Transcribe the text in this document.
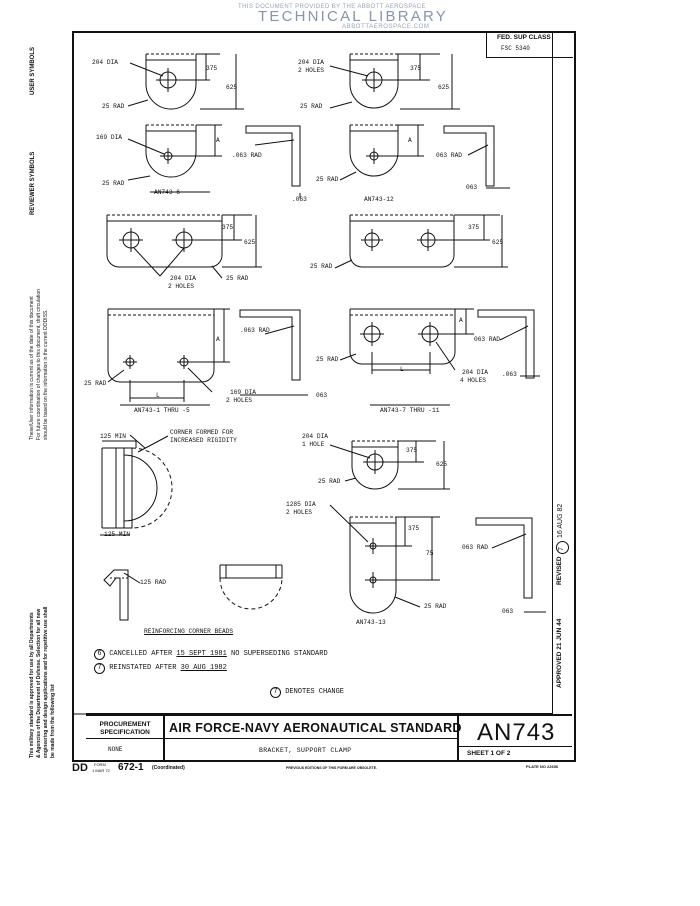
THIS DOCUMENT PROVIDED BY THE ABBOTT AEROSPACE
TECHNICAL LIBRARY
ABBOTTAEROSPACE.COM
FED. SUP CLASS
FSC 5340
USER SYMBOLS
REVIEWER SYMBOLS
These/User information is current as of the date of this document For future coordination of changes to this document, draft circulation should be based on the information in the current DODISS.
This military standard is approved for use by all Departments & Agencies of the Department of Defense. Selection for all new engineering and design applications and for repetitive use shall be made from the following list
APPROVED 21 JUN 44
REVISED
7
16 AUG 82
204 DIA
25 RAD
375
625
204 DIA
2 HOLES
25 RAD
375
625
169 DIA
25 RAD
A
AN743-6
.063 RAD
.063
25 RAD
A
AN743-12
063 RAD
063
375
625
204 DIA
2 HOLES
25 RAD
375
625
25 RAD
A
.063 RAD
25 RAD
L	169 DIA
2 HOLES
AN743-1 THRU -5
063
A
25 RAD
L
063 RAD
204 DIA
4 HOLES
.063
AN743-7 THRU -11
125 MIN
CORNER FORMED FOR
INCREASED RIGIDITY
125 MIN
204 DIA
1 HOLE
375
625
25 RAD
1285 DIA
2 HOLES
375
75
25 RAD
AN743-13
063 RAD
063
125 RAD
REINFORCING CORNER BEADS
6 CANCELLED AFTER 15 SEPT 1981 NO SUPERSEDING STANDARD
7 REINSTATED AFTER 30 AUG 1982
7 DENOTES CHANGE
PROCUREMENT SPECIFICATION
NONE
AIR FORCE-NAVY AERONAUTICAL STANDARD
BRACKET, SUPPORT CLAMP
AN743
SHEET 1 OF 2
DD FORM
1 MAR 72 672-1 (Coordinated)	PREVIOUS EDITIONS OF THIS FORM ARE OBSOLETE.	PLATE NO 22606
